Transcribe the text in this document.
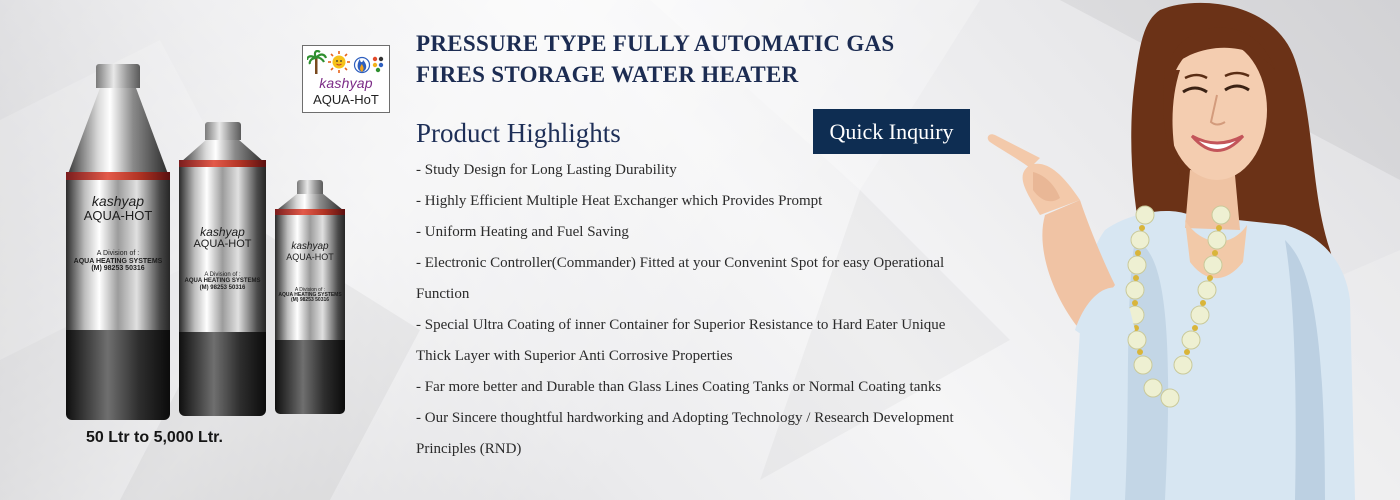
kashyap
AQUA-HOT
A Division of :
AQUA HEATING SYSTEMS
(M) 98253 50316
kashyap
AQUA-HOT
A Division of :
AQUA HEATING SYSTEMS
(M) 98253 50316
kashyap
AQUA-HOT
A Division of :
AQUA HEATING SYSTEMS
(M) 98253 50316
50 Ltr to 5,000 Ltr.
kashyap
AQUA-HoT
PRESSURE TYPE FULLY AUTOMATIC GAS
FIRES STORAGE WATER HEATER
Product Highlights	Quick Inquiry
- Study Design for Long Lasting Durability
- Highly Efficient Multiple Heat Exchanger which Provides Prompt
- Uniform Heating and Fuel Saving
- Electronic Controller(Commander) Fitted at your Convenint Spot for easy Operational
Function
- Special Ultra Coating of inner Container for Superior Resistance to Hard Eater Unique
Thick Layer with Superior Anti Corrosive Properties
- Far more better and Durable than Glass Lines Coating Tanks or Normal Coating tanks
- Our Sincere thoughtful hardworking and Adopting Technology / Research Development
Principles (RND)
